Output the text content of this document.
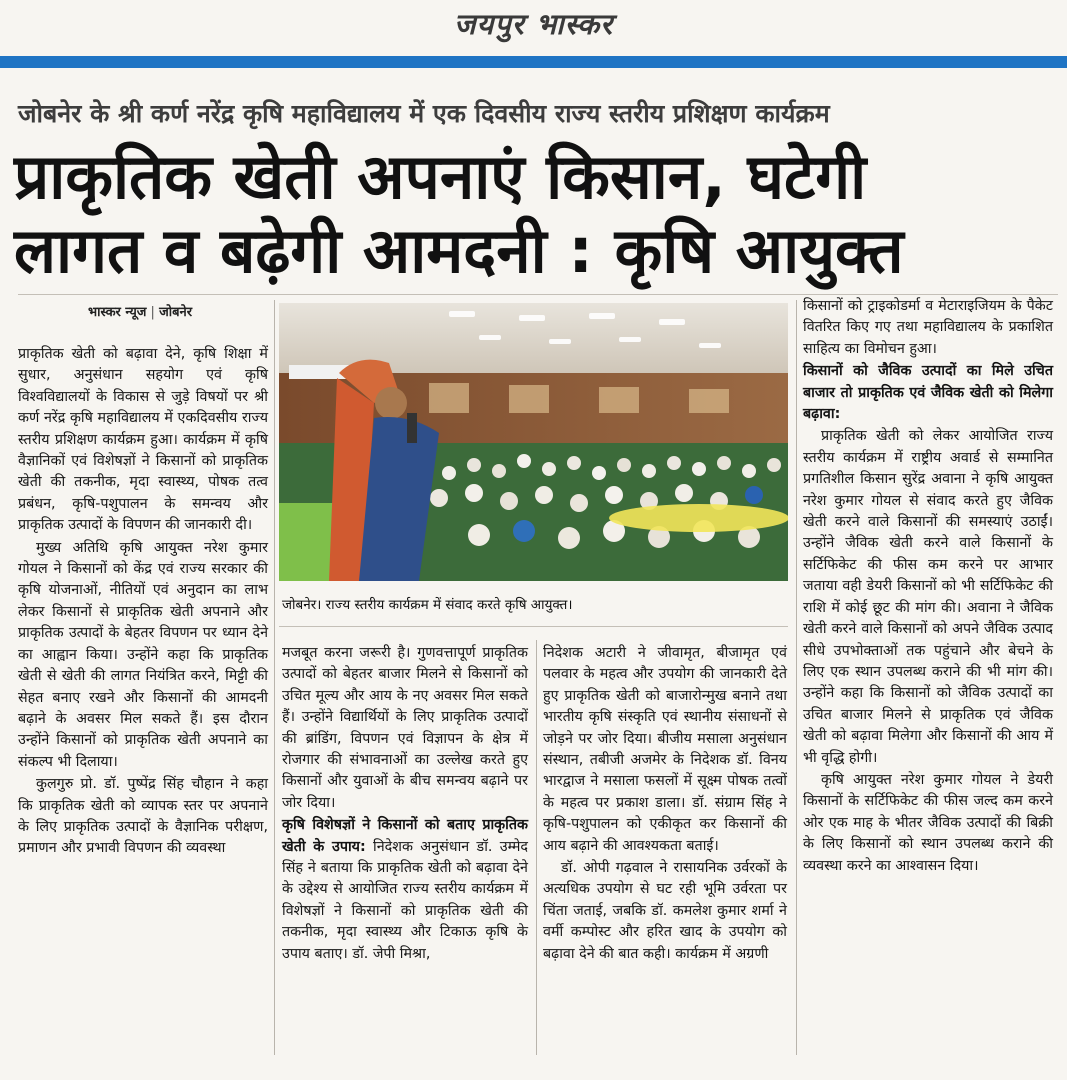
जयपुर भास्कर
जोबनेर के श्री कर्ण नरेंद्र कृषि महाविद्यालय में एक दिवसीय राज्य स्तरीय प्रशिक्षण कार्यक्रम
प्राकृतिक खेती अपनाएं किसान, घटेगी
लागत व बढ़ेगी आमदनी : कृषि आयुक्त
भास्कर न्यूज | जोबनेर

प्राकृतिक खेती को बढ़ावा देने, कृषि शिक्षा में सुधार, अनुसंधान सहयोग एवं कृषि विश्वविद्यालयों के विकास से जुड़े विषयों पर श्री कर्ण नरेंद्र कृषि महाविद्यालय में एकदिवसीय राज्य स्तरीय प्रशिक्षण कार्यक्रम हुआ। कार्यक्रम में कृषि वैज्ञानिकों एवं विशेषज्ञों ने किसानों को प्राकृतिक खेती की तकनीक, मृदा स्वास्थ्य, पोषक तत्व प्रबंधन, कृषि-पशुपालन के समन्वय और प्राकृतिक उत्पादों के विपणन की जानकारी दी।

मुख्य अतिथि कृषि आयुक्त नरेश कुमार गोयल ने किसानों को केंद्र एवं राज्य सरकार की कृषि योजनाओं, नीतियों एवं अनुदान का लाभ लेकर किसानों से प्राकृतिक खेती अपनाने और प्राकृतिक उत्पादों के बेहतर विपणन पर ध्यान देने का आह्वान किया। उन्होंने कहा कि प्राकृतिक खेती से खेती की लागत नियंत्रित करने, मिट्टी की सेहत बनाए रखने और किसानों की आमदनी बढ़ाने के अवसर मिल सकते हैं। इस दौरान उन्होंने किसानों को प्राकृतिक खेती अपनाने का संकल्प भी दिलाया।

कुलगुरु प्रो. डॉ. पुष्पेंद्र सिंह चौहान ने कहा कि प्राकृतिक खेती को व्यापक स्तर पर अपनाने के लिए प्राकृतिक उत्पादों के वैज्ञानिक परीक्षण, प्रमाणन और प्रभावी विपणन की व्यवस्था

जोबनेर। राज्य स्तरीय कार्यक्रम में संवाद करते कृषि आयुक्त।

मजबूत करना जरूरी है। गुणवत्तापूर्ण प्राकृतिक उत्पादों को बेहतर बाजार मिलने से किसानों को उचित मूल्य और आय के नए अवसर मिल सकते हैं। उन्होंने विद्यार्थियों के लिए प्राकृतिक उत्पादों की ब्रांडिंग, विपणन एवं विज्ञापन के क्षेत्र में रोजगार की संभावनाओं का उल्लेख करते हुए किसानों और युवाओं के बीच समन्वय बढ़ाने पर जोर दिया।

कृषि विशेषज्ञों ने किसानों को बताए प्राकृतिक खेती के उपाय: निदेशक अनुसंधान डॉ. उम्मेद सिंह ने बताया कि प्राकृतिक खेती को बढ़ावा देने के उद्देश्य से आयोजित राज्य स्तरीय कार्यक्रम में विशेषज्ञों ने किसानों को प्राकृतिक खेती की तकनीक, मृदा स्वास्थ्य और टिकाऊ कृषि के उपाय बताए। डॉ. जेपी मिश्रा,

निदेशक अटारी ने जीवामृत, बीजामृत एवं पलवार के महत्व और उपयोग की जानकारी देते हुए प्राकृतिक खेती को बाजारोन्मुख बनाने तथा भारतीय कृषि संस्कृति एवं स्थानीय संसाधनों से जोड़ने पर जोर दिया। बीजीय मसाला अनुसंधान संस्थान, तबीजी अजमेर के निदेशक डॉ. विनय भारद्वाज ने मसाला फसलों में सूक्ष्म पोषक तत्वों के महत्व पर प्रकाश डाला। डॉ. संग्राम सिंह ने कृषि-पशुपालन को एकीकृत कर किसानों की आय बढ़ाने की आवश्यकता बताई।

डॉ. ओपी गढ़वाल ने रासायनिक उर्वरकों के अत्यधिक उपयोग से घट रही भूमि उर्वरता पर चिंता जताई, जबकि डॉ. कमलेश कुमार शर्मा ने वर्मी कम्पोस्ट और हरित खाद के उपयोग को बढ़ावा देने की बात कही। कार्यक्रम में अग्रणी

किसानों को ट्राइकोडर्मा व मेटाराइजियम के पैकेट वितरित किए गए तथा महाविद्यालय के प्रकाशित साहित्य का विमोचन हुआ।

किसानों को जैविक उत्पादों का मिले उचित बाजार तो प्राकृतिक एवं जैविक खेती को मिलेगा बढ़ावा:

प्राकृतिक खेती को लेकर आयोजित राज्य स्तरीय कार्यक्रम में राष्ट्रीय अवार्ड से सम्मानित प्रगतिशील किसान सुरेंद्र अवाना ने कृषि आयुक्त नरेश कुमार गोयल से संवाद करते हुए जैविक खेती करने वाले किसानों की समस्याएं उठाईं। उन्होंने जैविक खेती करने वाले किसानों के सर्टिफिकेट की फीस कम करने पर आभार जताया वही डेयरी किसानों को भी सर्टिफिकेट की राशि में कोई छूट की मांग की। अवाना ने जैविक खेती करने वाले किसानों को अपने जैविक उत्पाद सीधे उपभोक्ताओं तक पहुंचाने और बेचने के लिए एक स्थान उपलब्ध कराने की भी मांग की। उन्होंने कहा कि किसानों को जैविक उत्पादों का उचित बाजार मिलने से प्राकृतिक एवं जैविक खेती को बढ़ावा मिलेगा और किसानों की आय में भी वृद्धि होगी।

कृषि आयुक्त नरेश कुमार गोयल ने डेयरी किसानों के सर्टिफिकेट की फीस जल्द कम करने ओर एक माह के भीतर जैविक उत्पादों की बिक्री के लिए किसानों को स्थान उपलब्ध कराने की व्यवस्था करने का आश्वासन दिया।
